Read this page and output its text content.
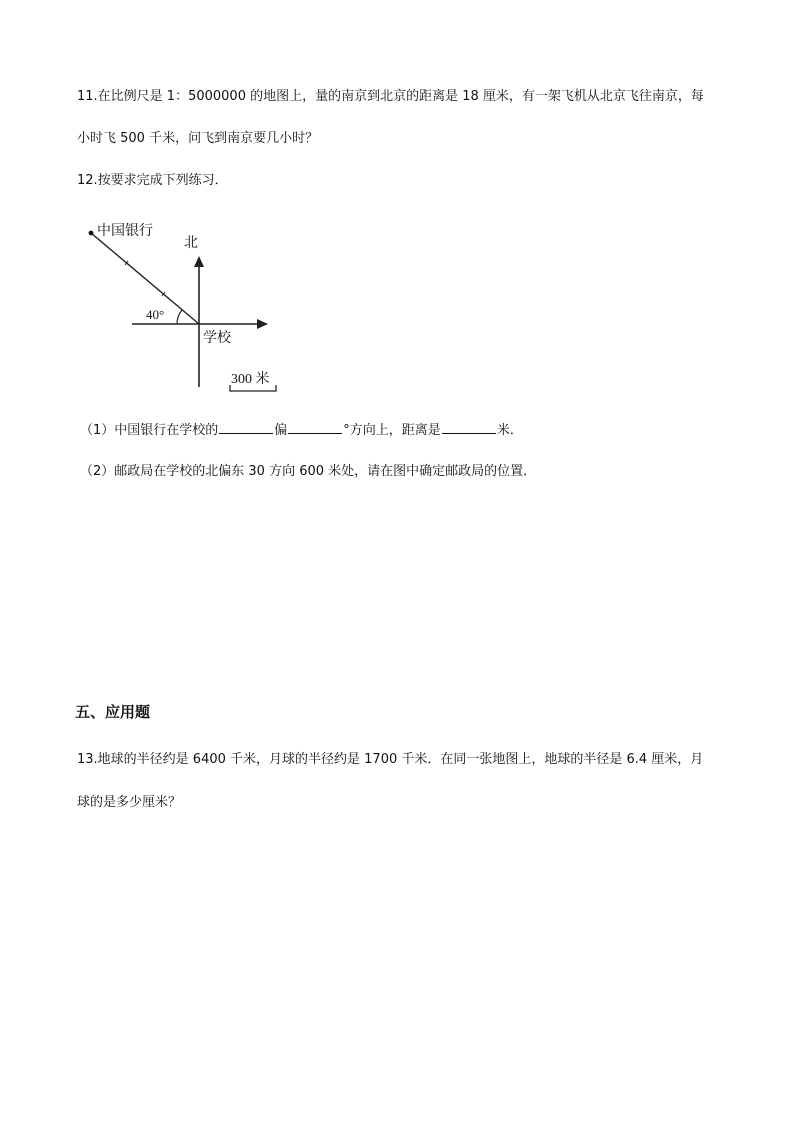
11.在比例尺是 1：5000000 的地图上，量的南京到北京的距离是 18 厘米，有一架飞机从北京飞往南京，每
小时飞 500 千米，问飞到南京要几小时？
12.按要求完成下列练习．
中国银行
北
40°
学校
300 米
（1）中国银行在学校的	偏	°方向上，距离是	米．
（2）邮政局在学校的北偏东 30 方向 600 米处，请在图中确定邮政局的位置．
五、应用题
13.地球的半径约是 6400 千米，月球的半径约是 1700 千米．在同一张地图上，地球的半径是 6.4 厘米，月
球的是多少厘米？
